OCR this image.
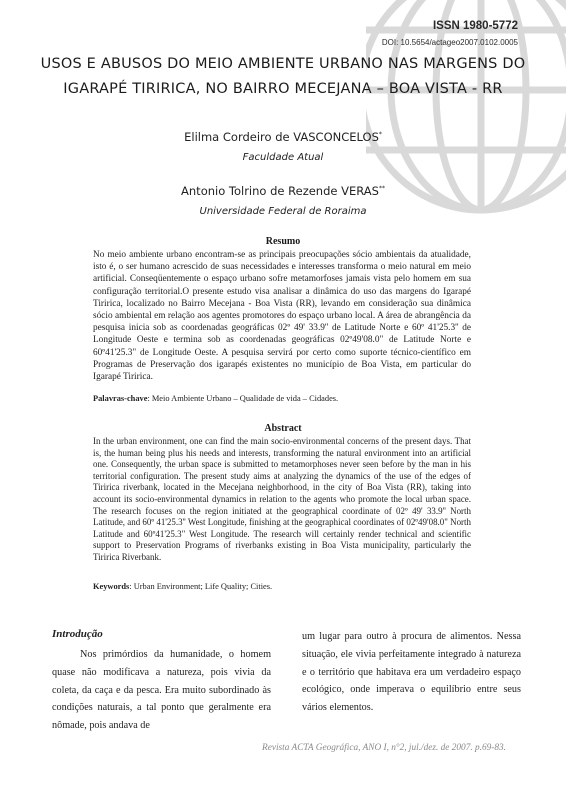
ISSN 1980-5772
DOI: 10.5654/actageo2007.0102.0005
USOS E ABUSOS DO MEIO AMBIENTE URBANO NAS MARGENS DO
IGARAPÉ TIRIRICA, NO BAIRRO MECEJANA – BOA VISTA - RR
Elilma Cordeiro de VASCONCELOS*
Faculdade Atual
Antonio Tolrino de Rezende VERAS**
Universidade Federal de Roraima
Resumo
No meio ambiente urbano encontram-se as principais preocupações sócio ambientais da atualidade, isto é, o ser humano acrescido de suas necessidades e interesses transforma o meio natural em meio artificial. Conseqüentemente o espaço urbano sofre metamorfoses jamais vista pelo homem em sua configuração territorial.O presente estudo visa analisar a dinâmica do uso das margens do Igarapé Tiririca, localizado no Bairro Mecejana - Boa Vista (RR), levando em consideração sua dinâmica sócio ambiental em relação aos agentes promotores do espaço urbano local. A área de abrangência da pesquisa inicia sob as coordenadas geográficas 02º 49' 33.9'' de Latitude Norte e 60º 41'25.3'' de Longitude Oeste e termina sob as coordenadas geográficas 02º49'08.0" de Latitude Norte e 60º41'25.3" de Longitude Oeste. A pesquisa servirá por certo como suporte técnico-científico em Programas de Preservação dos igarapés existentes no município de Boa Vista, em particular do Igarapé Tiririca.
Palavras-chave: Meio Ambiente Urbano – Qualidade de vida – Cidades.
Abstract
In the urban environment, one can find the main socio-environmental concerns of the present days. That is, the human being plus his needs and interests, transforming the natural environment into an artificial one. Consequently, the urban space is submitted to metamorphoses never seen before by the man in his territorial configuration. The present study aims at analyzing the dynamics of the use of the edges of Tiririca riverbank, located in the Mecejana neighborhood, in the city of Boa Vista (RR), taking into account its socio-environmental dynamics in relation to the agents who promote the local urban space. The research focuses on the region initiated at the geographical coordinate of 02º 49' 33.9'' North Latitude, and 60º 41'25.3'' West Longitude, finishing at the geographical coordinates of 02º49'08.0" North Latitude and 60º41'25.3" West Longitude. The research will certainly render technical and scientific support to Preservation Programs of riverbanks existing in Boa Vista municipality, particularly the Tiririca Riverbank.
Keywords: Urban Environment; Life Quality; Cities.
Introdução

Nos primórdios da humanidade, o homem quase não modificava a natureza, pois vivia da coleta, da caça e da pesca. Era muito subordinado às condições naturais, a tal ponto que geralmente era nômade, pois andava de

um lugar para outro à procura de alimentos. Nessa situação, ele vivia perfeitamente integrado à natureza e o território que habitava era um verdadeiro espaço ecológico, onde imperava o equilíbrio entre seus vários elementos.

Revista ACTA Geográfica, ANO I, n°2, jul./dez. de 2007. p.69-83.
